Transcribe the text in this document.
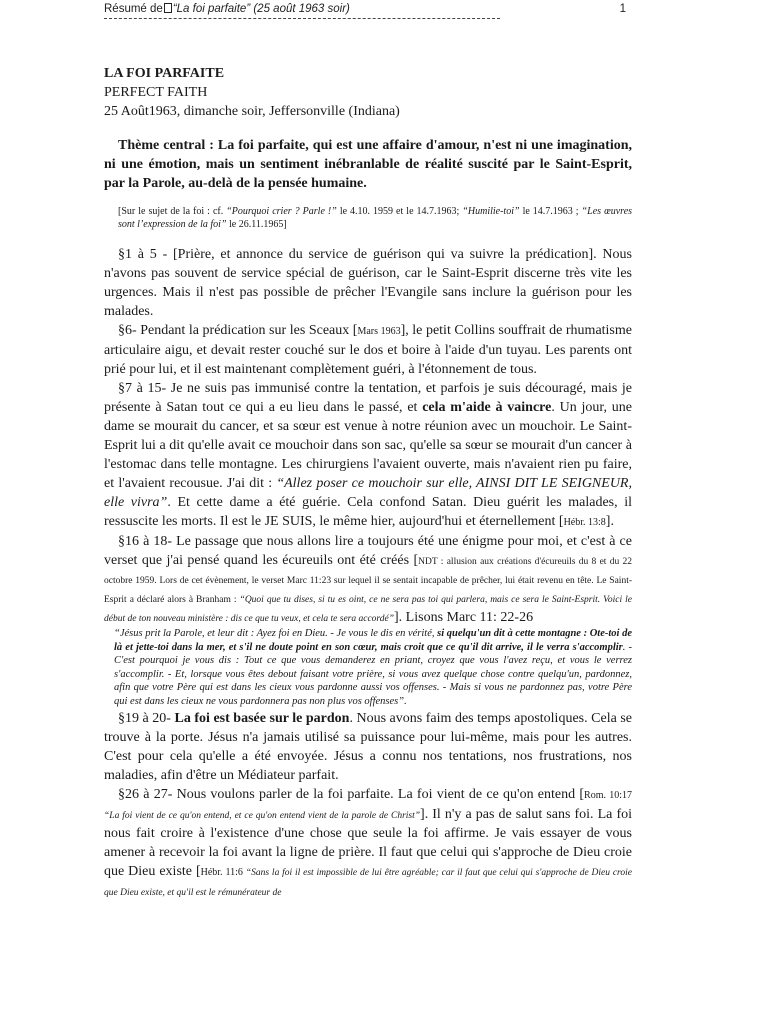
Résumé de “La foi parfaite” (25 août 1963 soir)	1

LA FOI PARFAITE

PERFECT FAITH

25 Août1963, dimanche soir, Jeffersonville (Indiana)

Thème central : La foi parfaite, qui est une affaire d'amour, n'est ni une imagination, ni une émotion, mais un sentiment inébranlable de réalité suscité par le Saint-Esprit, par la Parole, au-delà de la pensée humaine.

[Sur le sujet de la foi : cf. “Pourquoi crier ? Parle !” le 4.10. 1959 et le 14.7.1963; “Humilie-toi” le 14.7.1963 ; “Les œuvres sont l’expression de la foi” le 26.11.1965]

§1 à 5 - [Prière, et annonce du service de guérison qui va suivre la prédication]. Nous n'avons pas souvent de service spécial de guérison, car le Saint-Esprit discerne très vite les urgences. Mais il n'est pas possible de prêcher l'Evangile sans inclure la guérison pour les malades.

§6- Pendant la prédication sur les Sceaux [Mars 1963], le petit Collins souffrait de rhumatisme articulaire aigu, et devait rester couché sur le dos et boire à l'aide d'un tuyau. Les parents ont prié pour lui, et il est maintenant complètement guéri, à l'étonnement de tous.

§7 à 15- Je ne suis pas immunisé contre la tentation, et parfois je suis découragé, mais je présente à Satan tout ce qui a eu lieu dans le passé, et cela m'aide à vaincre. Un jour, une dame se mourait du cancer, et sa sœur est venue à notre réunion avec un mouchoir. Le Saint-Esprit lui a dit qu'elle avait ce mouchoir dans son sac, qu'elle sa sœur se mourait d'un cancer à l'estomac dans telle montagne. Les chirurgiens l'avaient ouverte, mais n'avaient rien pu faire, et l'avaient recousue. J'ai dit : “Allez poser ce mouchoir sur elle, AINSI DIT LE SEIGNEUR, elle vivra”. Et cette dame a été guérie. Cela confond Satan. Dieu guérit les malades, il ressuscite les morts. Il est le JE SUIS, le même hier, aujourd'hui et éternellement [Hébr. 13:8].

§16 à 18- Le passage que nous allons lire a toujours été une énigme pour moi, et c'est à ce verset que j'ai pensé quand les écureuils ont été créés [NDT : allusion aux créations d'écureuils du 8 et du 22 octobre 1959. Lors de cet évènement, le verset Marc 11:23 sur lequel il se sentait incapable de prêcher, lui était revenu en tête. Le Saint-Esprit a déclaré alors à Branham : “Quoi que tu dises, si tu es oint, ce ne sera pas toi qui parlera, mais ce sera le Saint-Esprit. Voici le début de ton nouveau ministère : dis ce que tu veux, et cela te sera accordé”]. Lisons Marc 11: 22-26

“Jésus prit la Parole, et leur dit : Ayez foi en Dieu. - Je vous le dis en vérité, si quelqu'un dit à cette montagne : Ote-toi de là et jette-toi dans la mer, et s'il ne doute point en son cœur, mais croit que ce qu'il dit arrive, il le verra s'accomplir. - C'est pourquoi je vous dis : Tout ce que vous demanderez en priant, croyez que vous l'avez reçu, et vous le verrez s'accomplir. - Et, lorsque vous êtes debout faisant votre prière, si vous avez quelque chose contre quelqu'un, pardonnez, afin que votre Père qui est dans les cieux vous pardonne aussi vos offenses. - Mais si vous ne pardonnez pas, votre Père qui est dans les cieux ne vous pardonnera pas non plus vos offenses”.

§19 à 20- La foi est basée sur le pardon. Nous avons faim des temps apostoliques. Cela se trouve à la porte. Jésus n'a jamais utilisé sa puissance pour lui-même, mais pour les autres. C'est pour cela qu'elle a été envoyée. Jésus a connu nos tentations, nos frustrations, nos maladies, afin d'être un Médiateur parfait.

§26 à 27- Nous voulons parler de la foi parfaite. La foi vient de ce qu'on entend [Rom. 10:17 “La foi vient de ce qu'on entend, et ce qu'on entend vient de la parole de Christ”]. Il n'y a pas de salut sans foi. La foi nous fait croire à l'existence d'une chose que seule la foi affirme. Je vais essayer de vous amener à recevoir la foi avant la ligne de prière. Il faut que celui qui s'approche de Dieu croie que Dieu existe [Hébr. 11:6 “Sans la foi il est impossible de lui être agréable; car il faut que celui qui s'approche de Dieu croie que Dieu existe, et qu'il est le rémunérateur de
